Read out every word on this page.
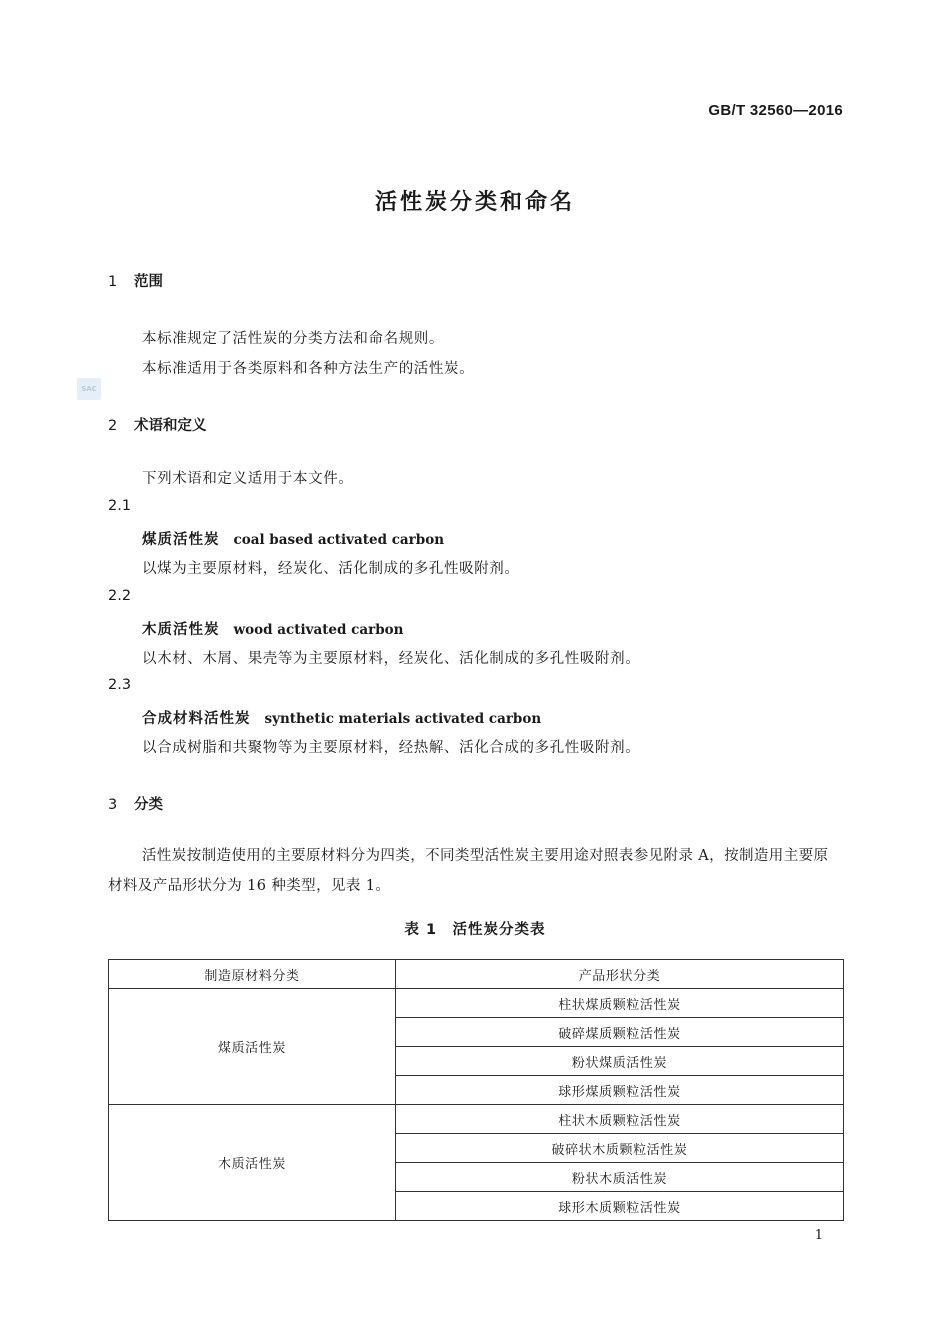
GB/T 32560—2016
活性炭分类和命名
SAC
1 范围
本标准规定了活性炭的分类方法和命名规则。
本标准适用于各类原料和各种方法生产的活性炭。
2 术语和定义
下列术语和定义适用于本文件。
2.1
煤质活性炭 coal based activated carbon
以煤为主要原材料，经炭化、活化制成的多孔性吸附剂。
2.2
木质活性炭 wood activated carbon
以木材、木屑、果壳等为主要原材料，经炭化、活化制成的多孔性吸附剂。
2.3
合成材料活性炭 synthetic materials activated carbon
以合成树脂和共聚物等为主要原材料，经热解、活化合成的多孔性吸附剂。
3 分类
活性炭按制造使用的主要原材料分为四类，不同类型活性炭主要用途对照表参见附录 A，按制造用主要原材料及产品形状分为 16 种类型，见表 1。
表 1　活性炭分类表
制造原材料分类	产品形状分类
煤质活性炭	柱状煤质颗粒活性炭
	破碎煤质颗粒活性炭
	粉状煤质活性炭
	球形煤质颗粒活性炭
木质活性炭	柱状木质颗粒活性炭
	破碎状木质颗粒活性炭
	粉状木质活性炭
	球形木质颗粒活性炭
1
